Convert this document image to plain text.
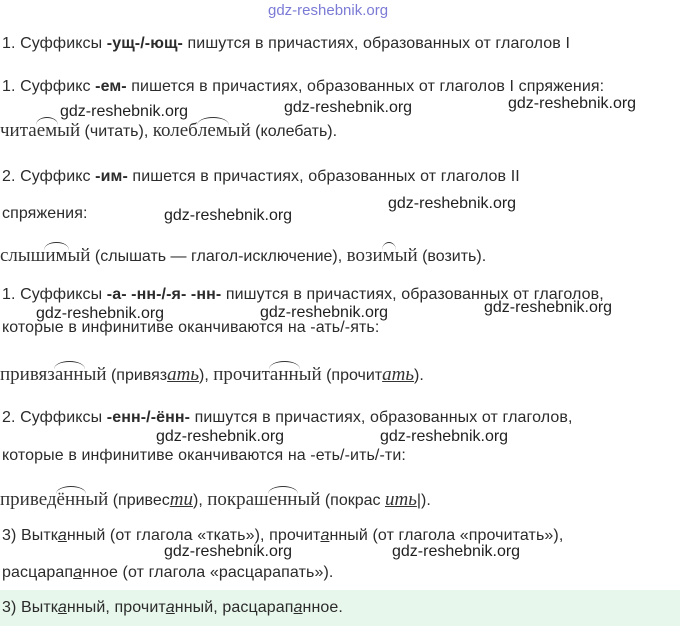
gdz-reshebnik.org
1. Суффиксы -ущ-/-ющ- пишутся в причастиях, образованных от глаголов I
1. Суффикс -ем- пишется в причастиях, образованных от глаголов I спряжения:
gdz-reshebnik.org	gdz-reshebnik.org	gdz-reshebnik.org
читаемый (читать), колеблемый (колебать).
2. Суффикс -им- пишется в причастиях, образованных от глаголов II
спряжения:	gdz-reshebnik.org
gdz-reshebnik.org
слышимый (слышать — глагол-исключение), возимый (возить).
1. Суффиксы -а- -нн-/-я- -нн- пишутся в причастиях, образованных от глаголов,
gdz-reshebnik.org
gdz-reshebnik.org	gdz-reshebnik.org
которые в инфинитиве оканчиваются на -ать/-ять:
привязанный (привязать), прочитанный (прочитать).
2. Суффиксы -енн-/-ённ- пишутся в причастиях, образованных от глаголов,
gdz-reshebnik.org	gdz-reshebnik.org
которые в инфинитиве оканчиваются на -еть/-ить/-ти:
приведённый (привести), покрашенный (покрас ить|).
3) Вытканный (от глагола «ткать»), прочитанный (от глагола «прочитать»),
gdz-reshebnik.org	gdz-reshebnik.org
расцарапанное (от глагола «расцарапать»).
3) Вытканный, прочитанный, расцарапанное.
